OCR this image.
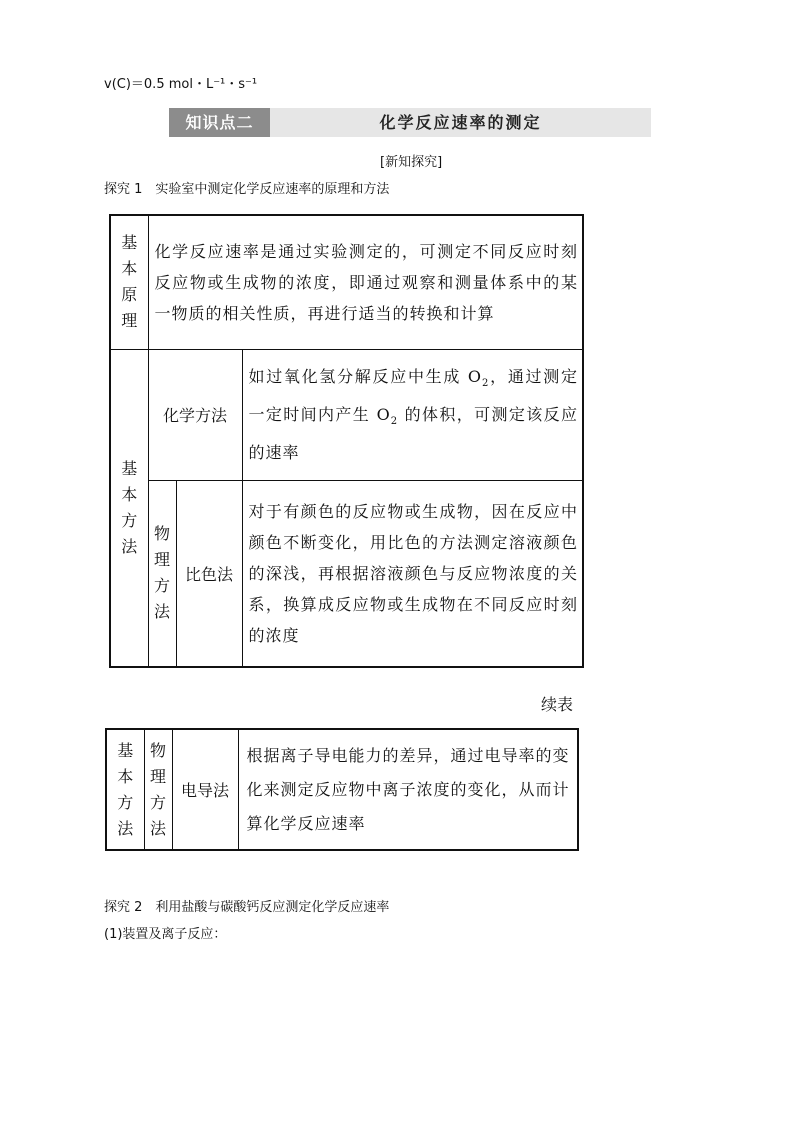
v(C)＝0.5 mol・L⁻¹・s⁻¹
知识点二	化学反应速率的测定
[新知探究]
探究 1　实验室中测定化学反应速率的原理和方法
基本原理	化学反应速率是通过实验测定的，可测定不同反应时刻反应物或生成物的浓度，即通过观察和测量体系中的某一物质的相关性质，再进行适当的转换和计算		
基本方法	化学方法		如过氧化氢分解反应中生成 $O_2$，通过测定一定时间内产生 $O_2$ 的体积，可测定该反应的速率
	物理方法	比色法	对于有颜色的反应物或生成物，因在反应中颜色不断变化，用比色的方法测定溶液颜色的深浅，再根据溶液颜色与反应物浓度的关系，换算成反应物或生成物在不同反应时刻的浓度
续表
基本方法	物理方法	电导法	根据离子导电能力的差异，通过电导率的变化来测定反应物中离子浓度的变化，从而计算化学反应速率
探究 2　利用盐酸与碳酸钙反应测定化学反应速率
(1)装置及离子反应：
